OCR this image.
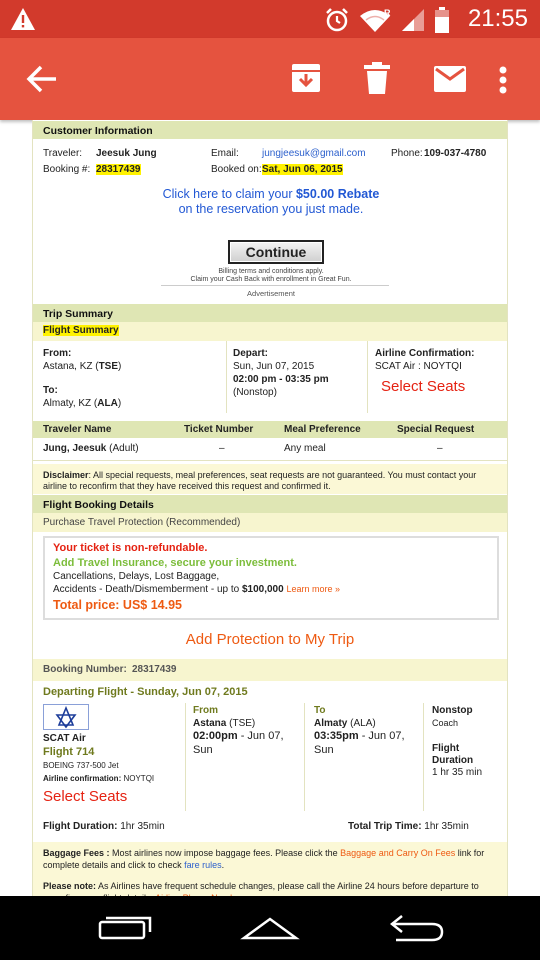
R	21:55
Customer Information
Traveler: Jeesuk Jung	Email: jungjeesuk@gmail.com	Phone: 109-037-4780
Booking #: 28317439	Booked on: Sat, Jun 06, 2015
Click here to claim your $50.00 Rebate
on the reservation you just made.
Continue
Billing terms and conditions apply.
Claim your Cash Back with enrollment in Great Fun.
Advertisement
Trip Summary
Flight Summary
From:
Astana, KZ (TSE)
To:
Almaty, KZ (ALA)
Depart:
Sun, Jun 07, 2015
02:00 pm - 03:35 pm
(Nonstop)
Airline Confirmation:
SCAT Air : NOYTQI
Select Seats
Traveler Name	Ticket Number	Meal Preference	Special Request
Jung, Jeesuk (Adult)	–	Any meal	–
Disclaimer: All special requests, meal preferences, seat requests are not guaranteed. You must contact your airline to reconfirm that they have received this request and confirmed it.
Flight Booking Details
Purchase Travel Protection (Recommended)
Your ticket is non-refundable.
Add Travel Insurance, secure your investment.
Cancellations, Delays, Lost Baggage,
Accidents - Death/Dismemberment - up to $100,000 Learn more »
Total price: US$ 14.95
Add Protection to My Trip
Booking Number: 28317439
Departing Flight - Sunday, Jun 07, 2015
SCAT Air
Flight 714
BOEING 737-500 Jet
Airline confirmation: NOYTQI
Select Seats
From
Astana (TSE)
02:00pm - Jun 07,
Sun
To
Almaty (ALA)
03:35pm - Jun 07,
Sun
Nonstop
Coach
Flight
Duration
1 hr 35 min
Flight Duration: 1hr 35min	Total Trip Time: 1hr 35min
Baggage Fees : Most airlines now impose baggage fees. Please click the Baggage and Carry On Fees link for complete details and click to check fare rules.
Please note: As Airlines have frequent schedule changes, please call the Airline 24 hours before departure to
